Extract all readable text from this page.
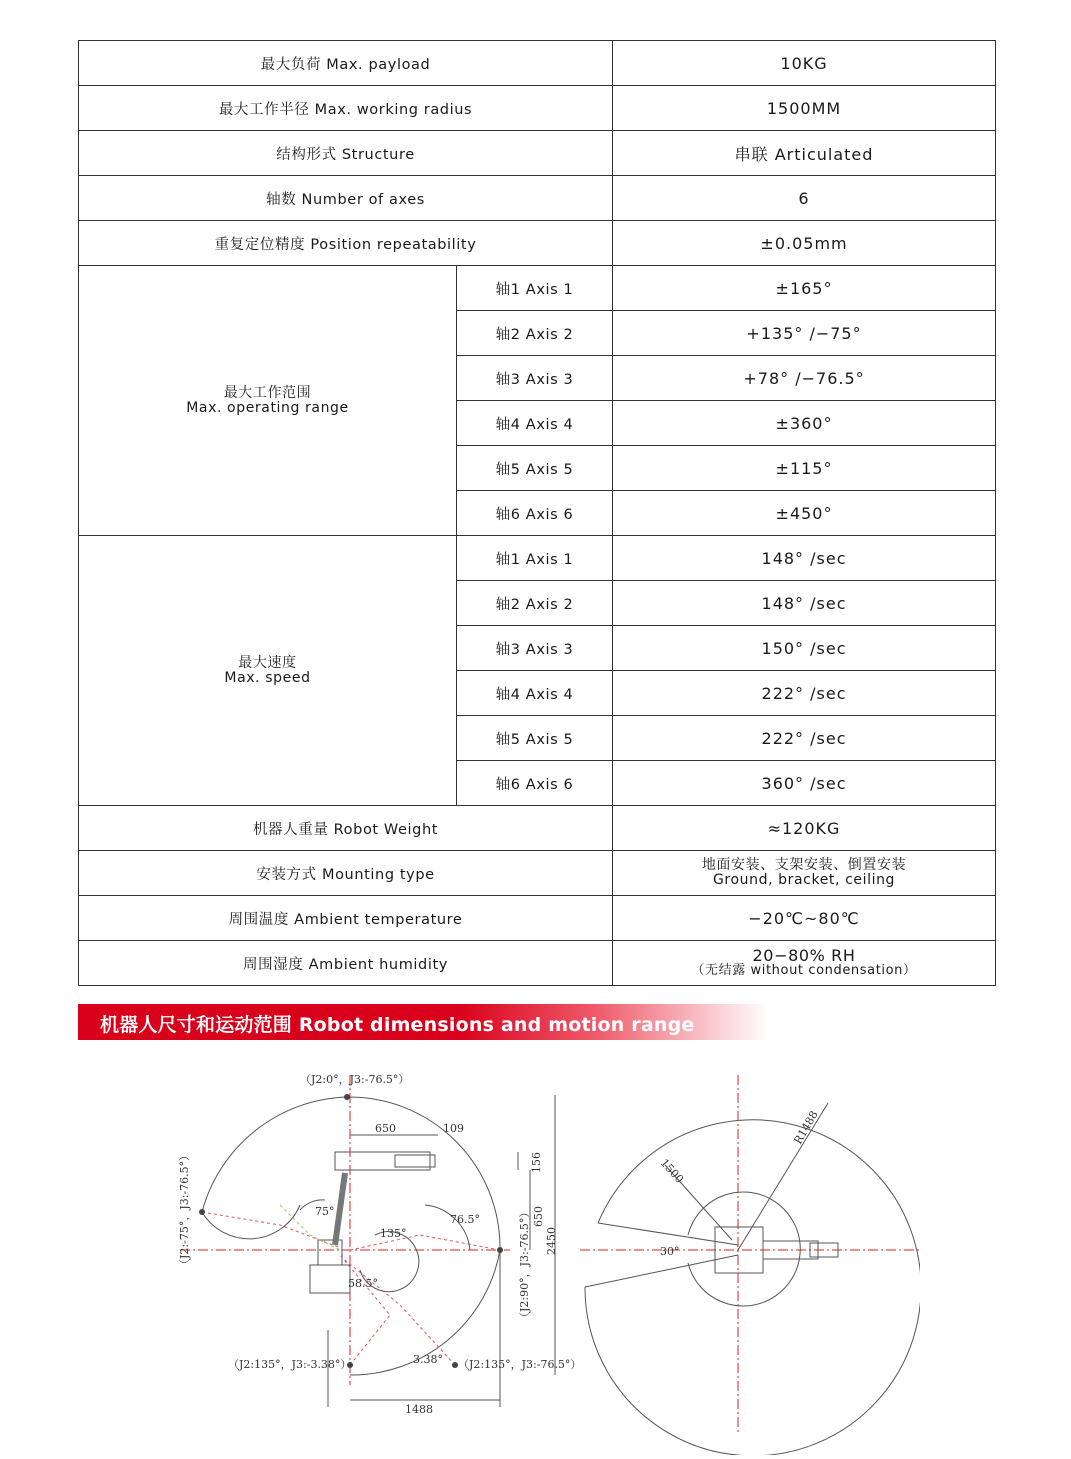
最大负荷 Max. payload		10KG
最大工作半径 Max. working radius		1500MM
结构形式 Structure		串联 Articulated
轴数 Number of axes		6
重复定位精度 Position repeatability		±0.05mm

最大工作范围
Max. operating range	轴1 Axis 1	±165°
	轴2 Axis 2	+135° /−75°
	轴3 Axis 3	+78° /−76.5°
	轴4 Axis 4	±360°
	轴5 Axis 5	±115°
	轴6 Axis 6	±450°

最大速度
Max. speed	轴1 Axis 1	148° /sec
	轴2 Axis 2	148° /sec
	轴3 Axis 3	150° /sec
	轴4 Axis 4	222° /sec
	轴5 Axis 5	222° /sec
	轴6 Axis 6	360° /sec
机器人重量 Robot Weight		≈120KG
安装方式 Mounting type		地面安装、支架安装、倒置安装
Ground, bracket, ceiling

周围温度 Ambient temperature		−20℃~80℃
周围湿度 Ambient humidity		20−80% RH
（无结露 without condensation）
机器人尺寸和运动范围 Robot dimensions and motion range
（J2:0°，J3:-76.5°）
（J2:-75°，J3:-76.5°）	（J2:90°，J3:-76.5°）
（J2:135°，J3:-3.38°）	（J2:135°，J3:-76.5°）
650	109
156
650
2450
1488
75°
135°
76.5°
58.5°
3.38°
R1488
1500
30°
